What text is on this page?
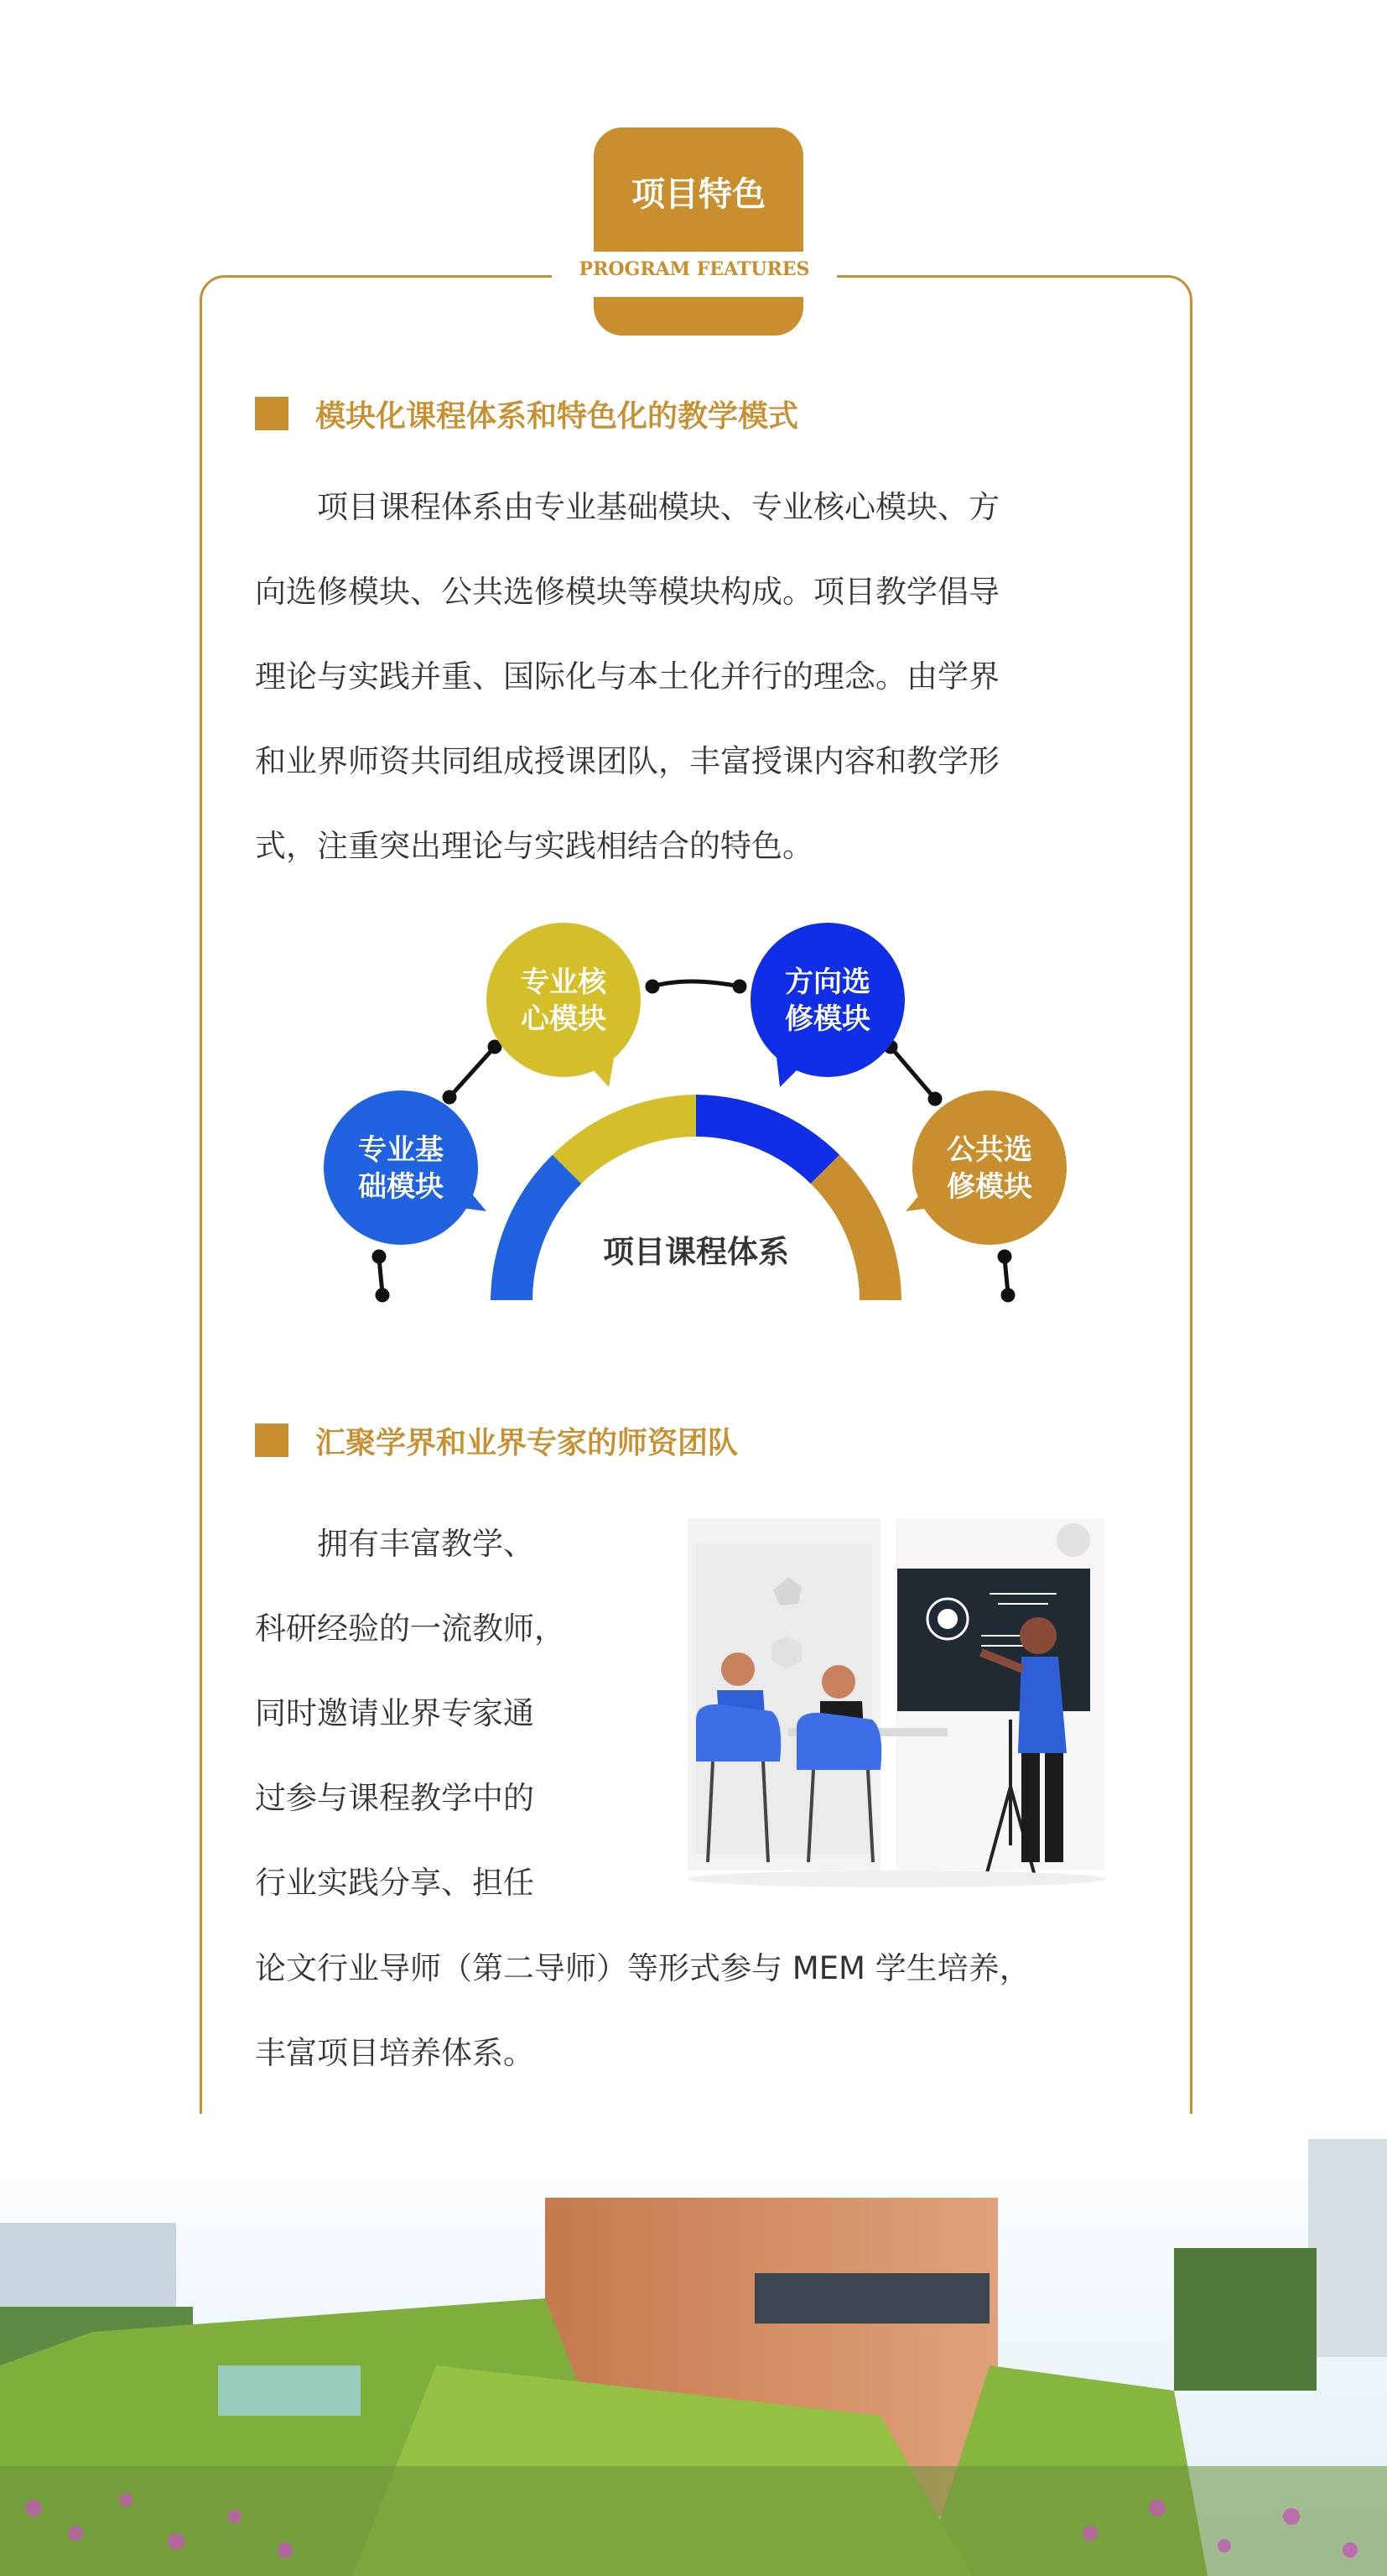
项目特色
PROGRAM FEATURES
模块化课程体系和特色化的教学模式
　　项目课程体系由专业基础模块、专业核心模块、方
向选修模块、公共选修模块等模块构成。项目教学倡导
理论与实践并重、国际化与本土化并行的理念。由学界
和业界师资共同组成授课团队，丰富授课内容和教学形
式，注重突出理论与实践相结合的特色。
专业基
础模块
专业核
心模块
方向选
修模块
公共选
修模块
项目课程体系
汇聚学界和业界专家的师资团队
　　拥有丰富教学、
科研经验的一流教师，
同时邀请业界专家通
过参与课程教学中的
行业实践分享、担任
论文行业导师（第二导师）等形式参与 MEM 学生培养，
丰富项目培养体系。
